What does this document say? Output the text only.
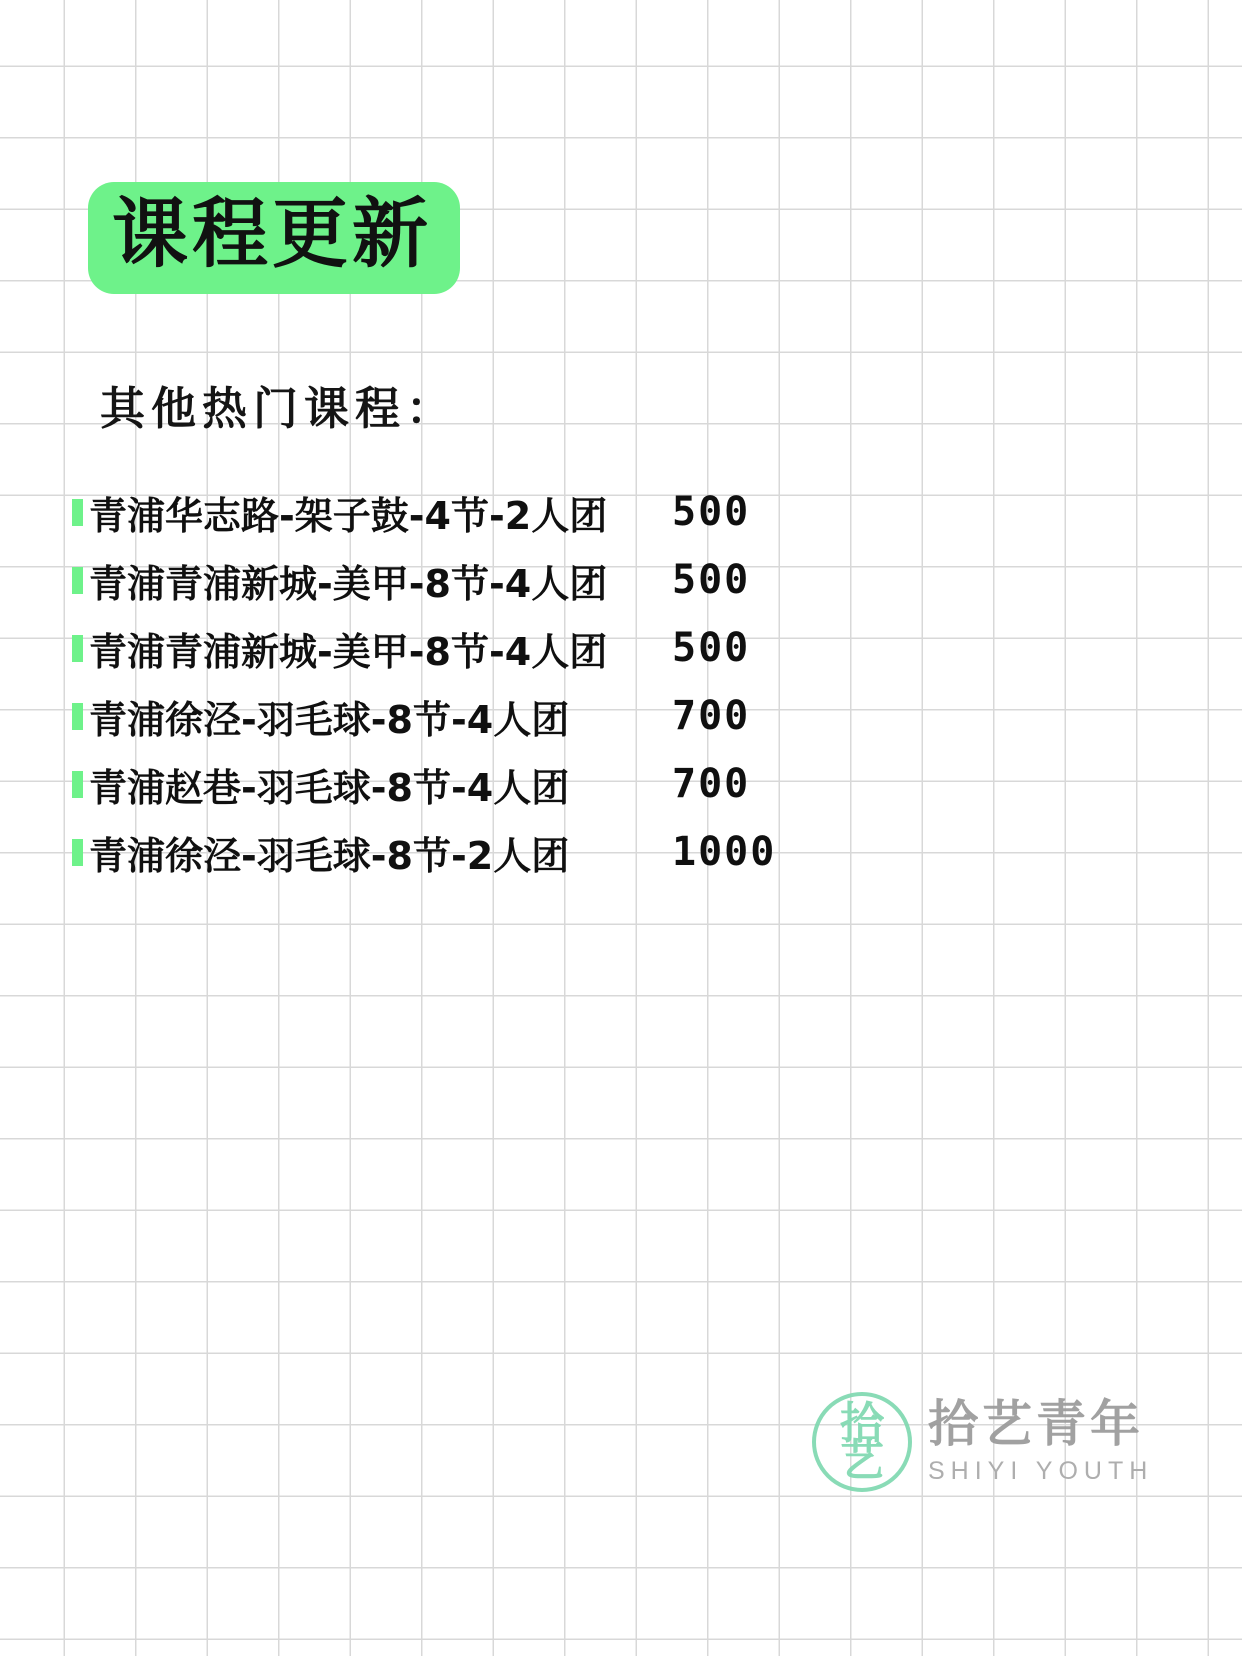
课程更新
其他热门课程：
青浦华志路-架子鼓-4节-2人团 500
青浦青浦新城-美甲-8节-4人团 500
青浦青浦新城-美甲-8节-4人团 500
青浦徐泾-羽毛球-8节-4人团	700
青浦赵巷-羽毛球-8节-4人团	700
青浦徐泾-羽毛球-8节-2人团	1000
拾
艺
拾艺青年
SHIYI YOUTH
